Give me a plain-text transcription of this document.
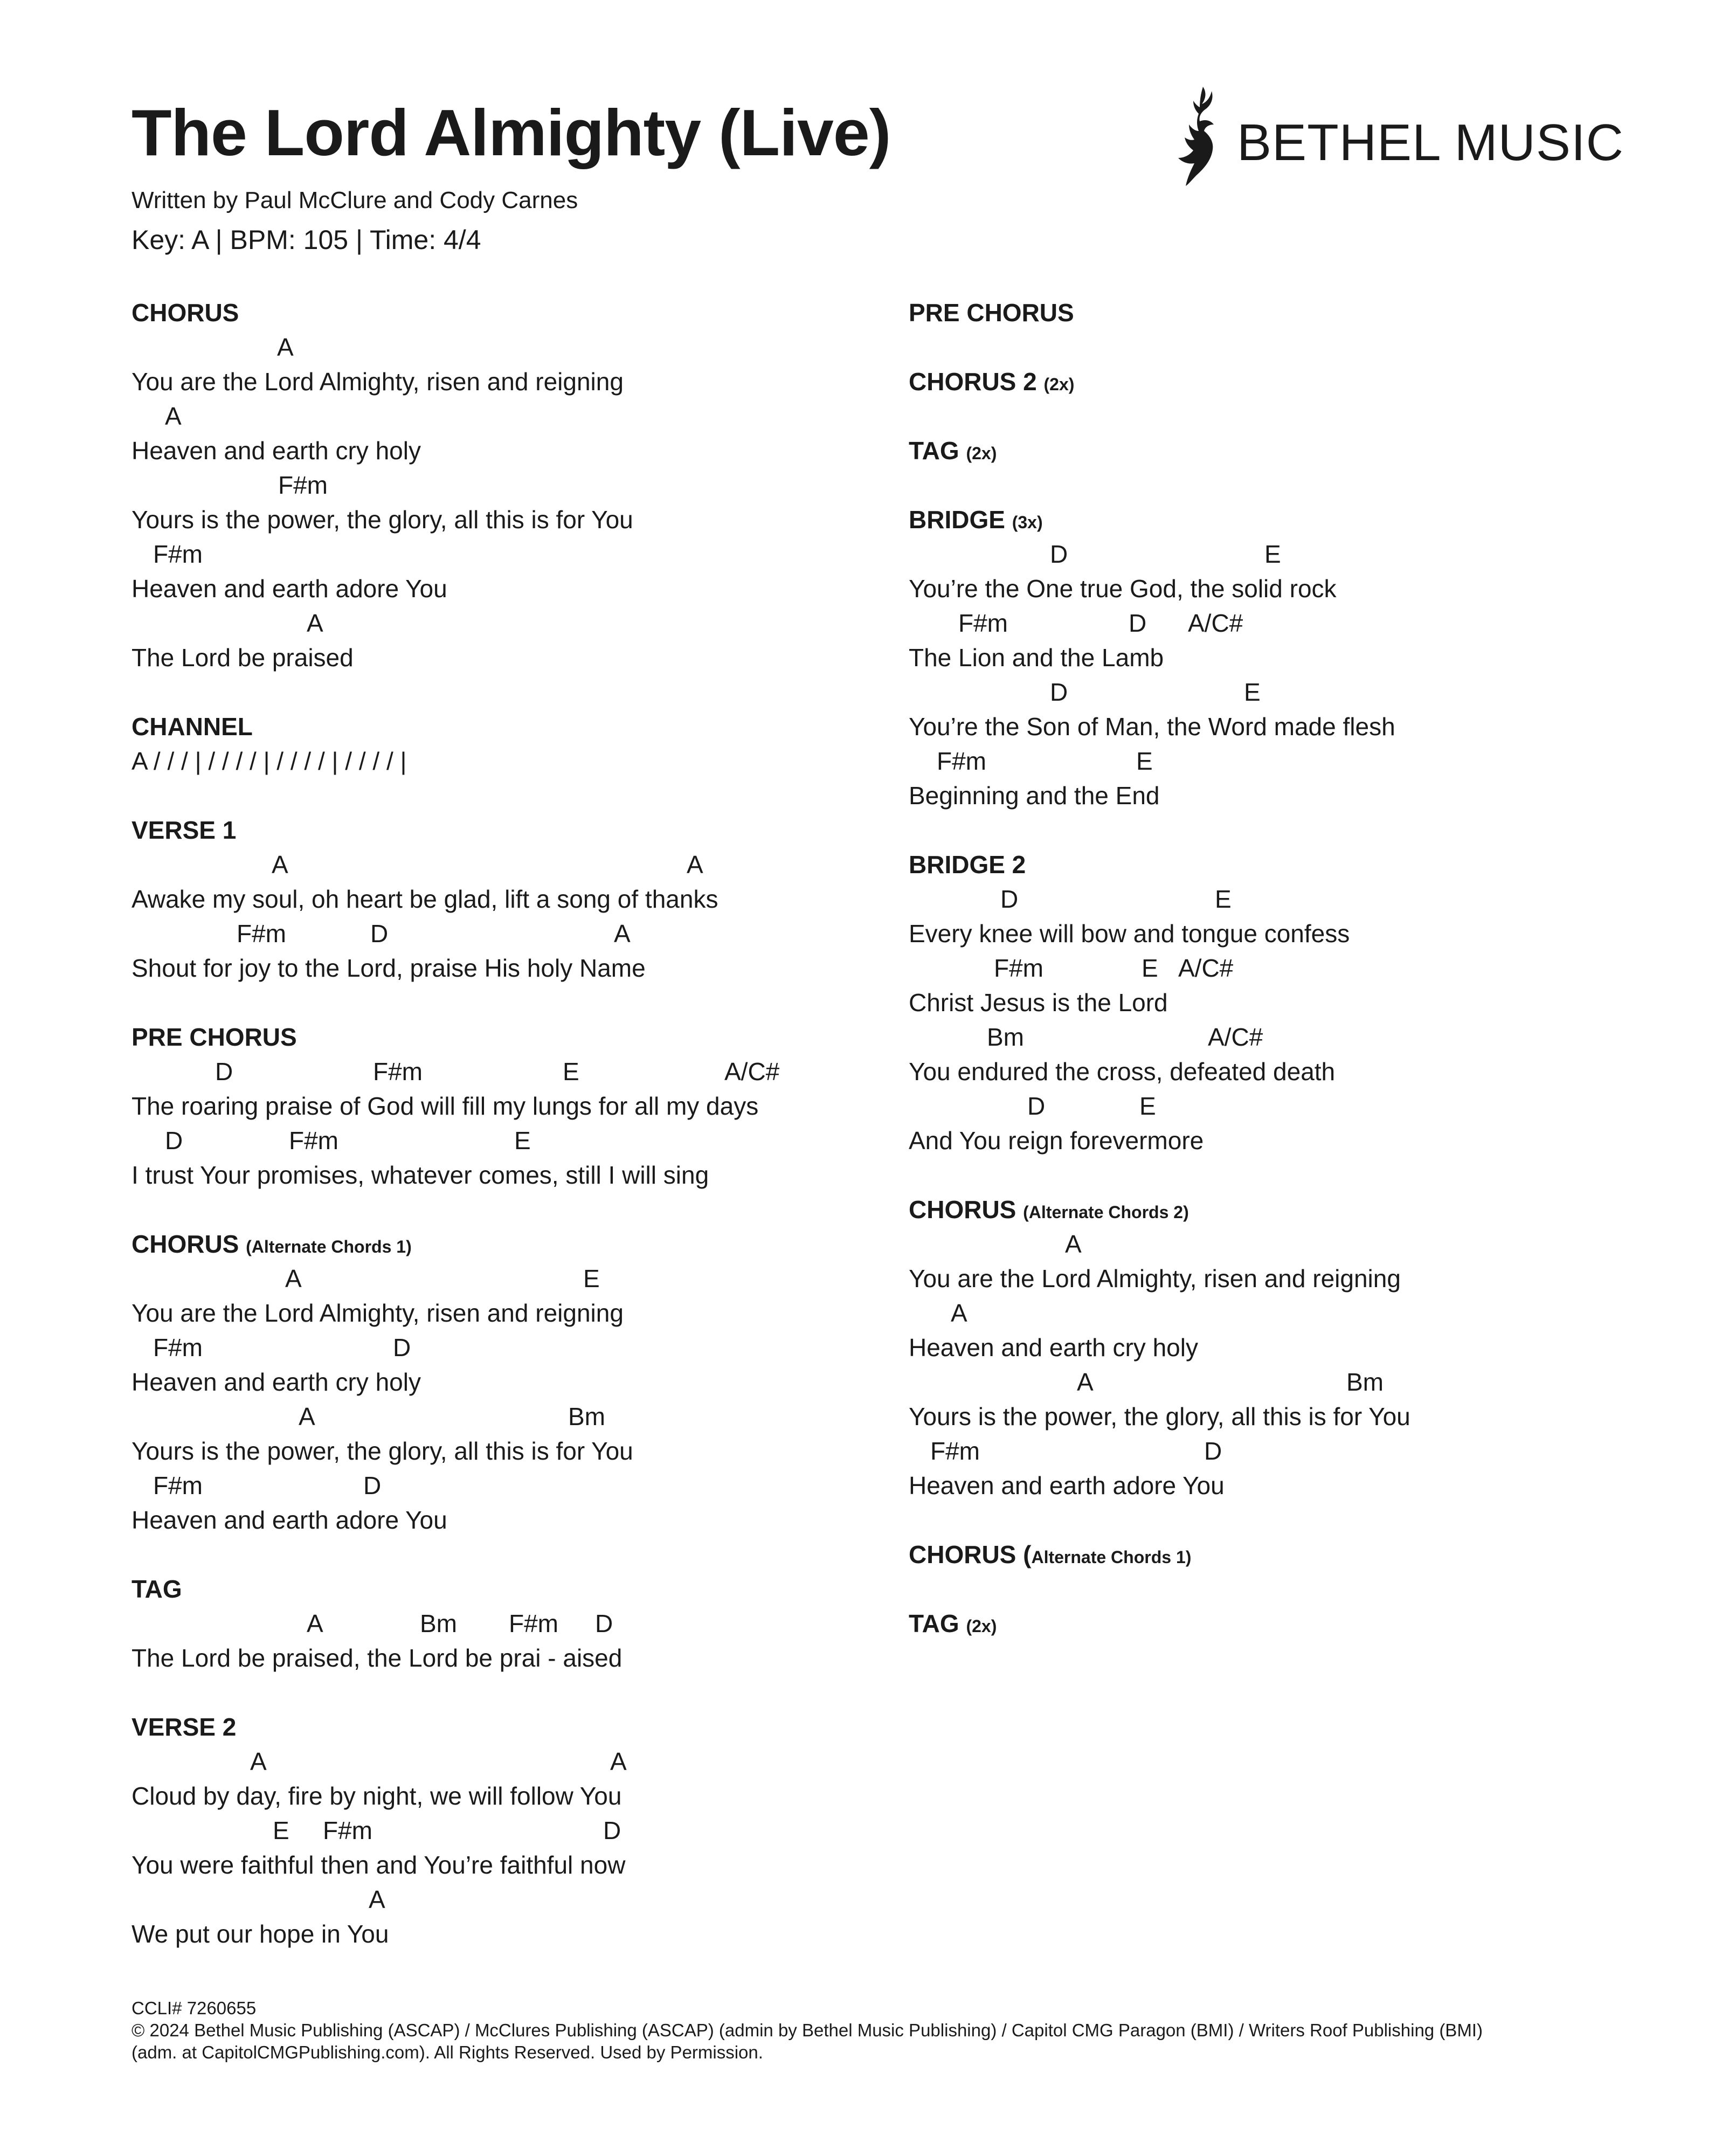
The Lord Almighty (Live)
Written by Paul McClure and Cody Carnes
Key: A | BPM: 105 | Time: 4/4
BETHEL MUSIC
CHORUS
A
You are the Lord Almighty, risen and reigning
A
Heaven and earth cry holy
F#m
Yours is the power, the glory, all this is for You
F#m
Heaven and earth adore You
A
The Lord be praised
CHANNEL
A / / / | / / / / | / / / / | / / / / |
VERSE 1
A	A
Awake my soul, oh heart be glad, lift a song of thanks
F#m	D	A
Shout for joy to the Lord, praise His holy Name
PRE CHORUS
D	F#m	E	A/C#
The roaring praise of God will fill my lungs for all my days
D	F#m	E
I trust Your promises, whatever comes, still I will sing
CHORUS (Alternate Chords 1)
A	E
You are the Lord Almighty, risen and reigning
F#m	D
Heaven and earth cry holy
A	Bm
Yours is the power, the glory, all this is for You
F#m	D
Heaven and earth adore You
TAG
A	Bm F#m D
The Lord be praised, the Lord be prai - aised
VERSE 2
A	A
Cloud by day, fire by night, we will follow You
E F#m	D
You were faithful then and You’re faithful now
A
We put our hope in You
PRE CHORUS
CHORUS 2 (2x)
TAG (2x)
BRIDGE (3x)
D	E
You’re the One true God, the solid rock
F#m	D A/C#
The Lion and the Lamb
D	E
You’re the Son of Man, the Word made flesh
F#m	E
Beginning and the End
BRIDGE 2
D	E
Every knee will bow and tongue confess
F#m	E A/C#
Christ Jesus is the Lord
Bm	A/C#
You endured the cross, defeated death
D	E
And You reign forevermore
CHORUS (Alternate Chords 2)
A
You are the Lord Almighty, risen and reigning
A
Heaven and earth cry holy
A	Bm
Yours is the power, the glory, all this is for You
F#m	D
Heaven and earth adore You
CHORUS (Alternate Chords 1)
TAG (2x)
CCLI# 7260655
© 2024 Bethel Music Publishing (ASCAP) / McClures Publishing (ASCAP) (admin by Bethel Music Publishing) / Capitol CMG Paragon (BMI) / Writers Roof Publishing (BMI)
(adm. at CapitolCMGPublishing.com). All Rights Reserved. Used by Permission.
